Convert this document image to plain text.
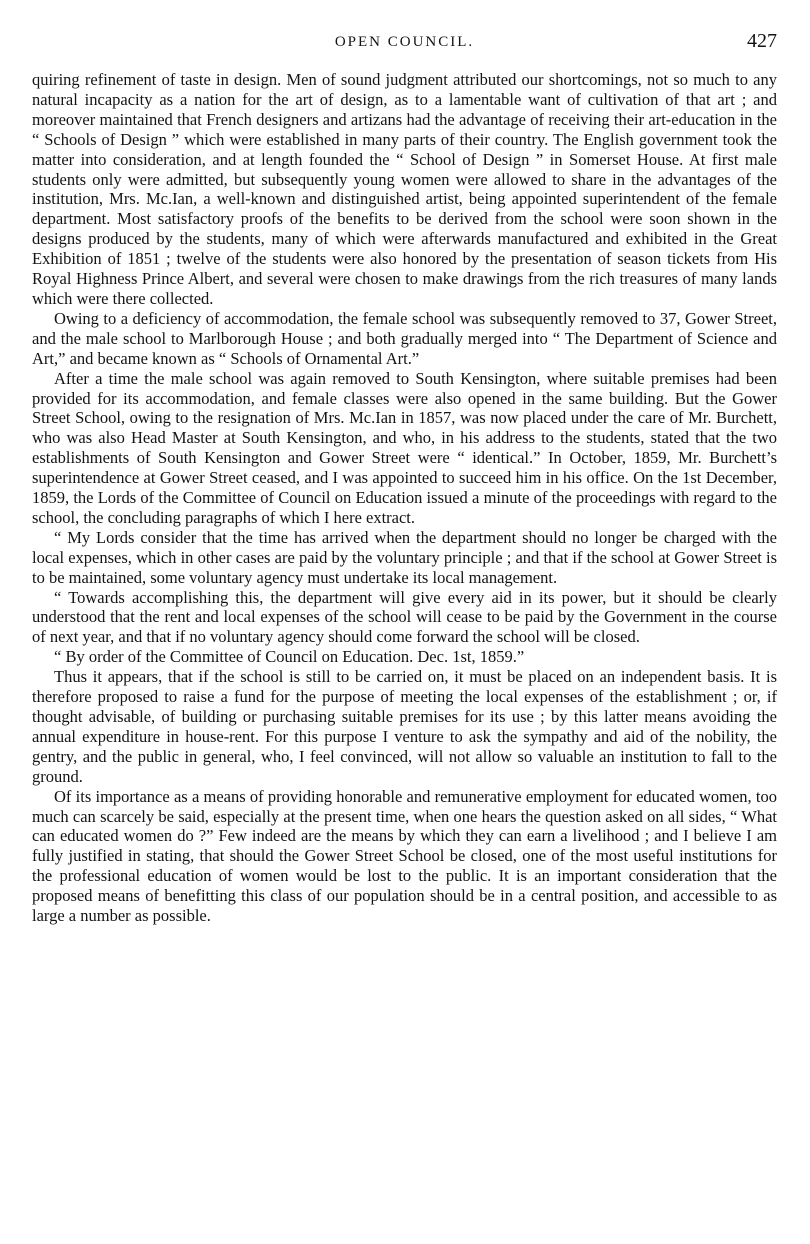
OPEN COUNCIL.	427

quiring refinement of taste in design. Men of sound judgment attributed our shortcomings, not so much to any natural incapacity as a nation for the art of design, as to a lamentable want of cultivation of that art ; and moreover maintained that French designers and artizans had the advantage of receiving their art-education in the “ Schools of Design ” which were established in many parts of their country. The English government took the matter into consideration, and at length founded the “ School of Design ” in Somerset House. At first male students only were admitted, but subsequently young women were allowed to share in the advantages of the institution, Mrs. Mc.Ian, a well-known and distinguished artist, being appointed superintendent of the female department. Most satisfactory proofs of the benefits to be derived from the school were soon shown in the designs produced by the students, many of which were afterwards manufactured and exhibited in the Great Exhibition of 1851 ; twelve of the students were also honored by the presentation of season tickets from His Royal Highness Prince Albert, and several were chosen to make drawings from the rich treasures of many lands which were there collected.

Owing to a deficiency of accommodation, the female school was subsequently removed to 37, Gower Street, and the male school to Marlborough House ; and both gradually merged into “ The Department of Science and Art,” and became known as “ Schools of Ornamental Art.”

After a time the male school was again removed to South Kensington, where suitable premises had been provided for its accommodation, and female classes were also opened in the same building. But the Gower Street School, owing to the resignation of Mrs. Mc.Ian in 1857, was now placed under the care of Mr. Burchett, who was also Head Master at South Kensington, and who, in his address to the students, stated that the two establishments of South Kensington and Gower Street were “ identical.” In October, 1859, Mr. Burchett’s superintendence at Gower Street ceased, and I was appointed to succeed him in his office. On the 1st December, 1859, the Lords of the Committee of Council on Education issued a minute of the proceedings with regard to the school, the concluding paragraphs of which I here extract.

“ My Lords consider that the time has arrived when the department should no longer be charged with the local expenses, which in other cases are paid by the voluntary principle ; and that if the school at Gower Street is to be maintained, some voluntary agency must undertake its local management.

“ Towards accomplishing this, the department will give every aid in its power, but it should be clearly understood that the rent and local expenses of the school will cease to be paid by the Government in the course of next year, and that if no voluntary agency should come forward the school will be closed.

“ By order of the Committee of Council on Education. Dec. 1st, 1859.”

Thus it appears, that if the school is still to be carried on, it must be placed on an independent basis. It is therefore proposed to raise a fund for the purpose of meeting the local expenses of the establishment ; or, if thought advisable, of building or purchasing suitable premises for its use ; by this latter means avoiding the annual expenditure in house-rent. For this purpose I venture to ask the sympathy and aid of the nobility, the gentry, and the public in general, who, I feel convinced, will not allow so valuable an institution to fall to the ground.

Of its importance as a means of providing honorable and remunerative employment for educated women, too much can scarcely be said, especially at the present time, when one hears the question asked on all sides, “ What can educated women do ?” Few indeed are the means by which they can earn a livelihood ; and I believe I am fully justified in stating, that should the Gower Street School be closed, one of the most useful institutions for the professional education of women would be lost to the public. It is an important consideration that the proposed means of benefitting this class of our population should be in a central position, and accessible to as large a number as possible.
